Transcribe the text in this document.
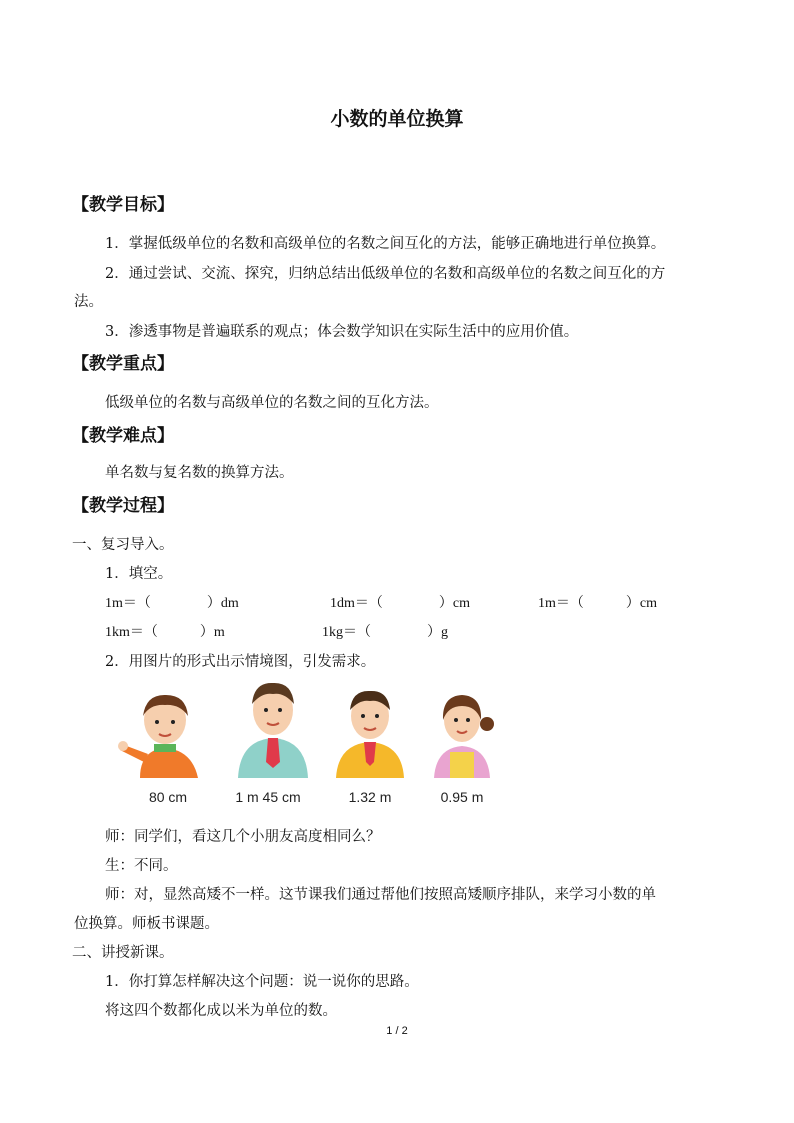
小数的单位换算
【教学目标】
1．掌握低级单位的名数和高级单位的名数之间互化的方法，能够正确地进行单位换算。
2．通过尝试、交流、探究，归纳总结出低级单位的名数和高级单位的名数之间互化的方
法。
3．渗透事物是普遍联系的观点；体会数学知识在实际生活中的应用价值。
【教学重点】
低级单位的名数与高级单位的名数之间的互化方法。
【教学难点】
单名数与复名数的换算方法。
【教学过程】
一、复习导入。
1．填空。
1m＝（　　　　）dm	1dm＝（　　　　）cm	1m＝（　　　）cm
1km＝（　　　）m	1kg＝（　　　　）g
2．用图片的形式出示情境图，引发需求。
80 cm	1 m 45 cm	1.32 m	0.95 m
师：同学们，看这几个小朋友高度相同么？
生：不同。
师：对，显然高矮不一样。这节课我们通过帮他们按照高矮顺序排队，来学习小数的单
位换算。师板书课题。
二、讲授新课。
1．你打算怎样解决这个问题：说一说你的思路。
将这四个数都化成以米为单位的数。
1 / 2
